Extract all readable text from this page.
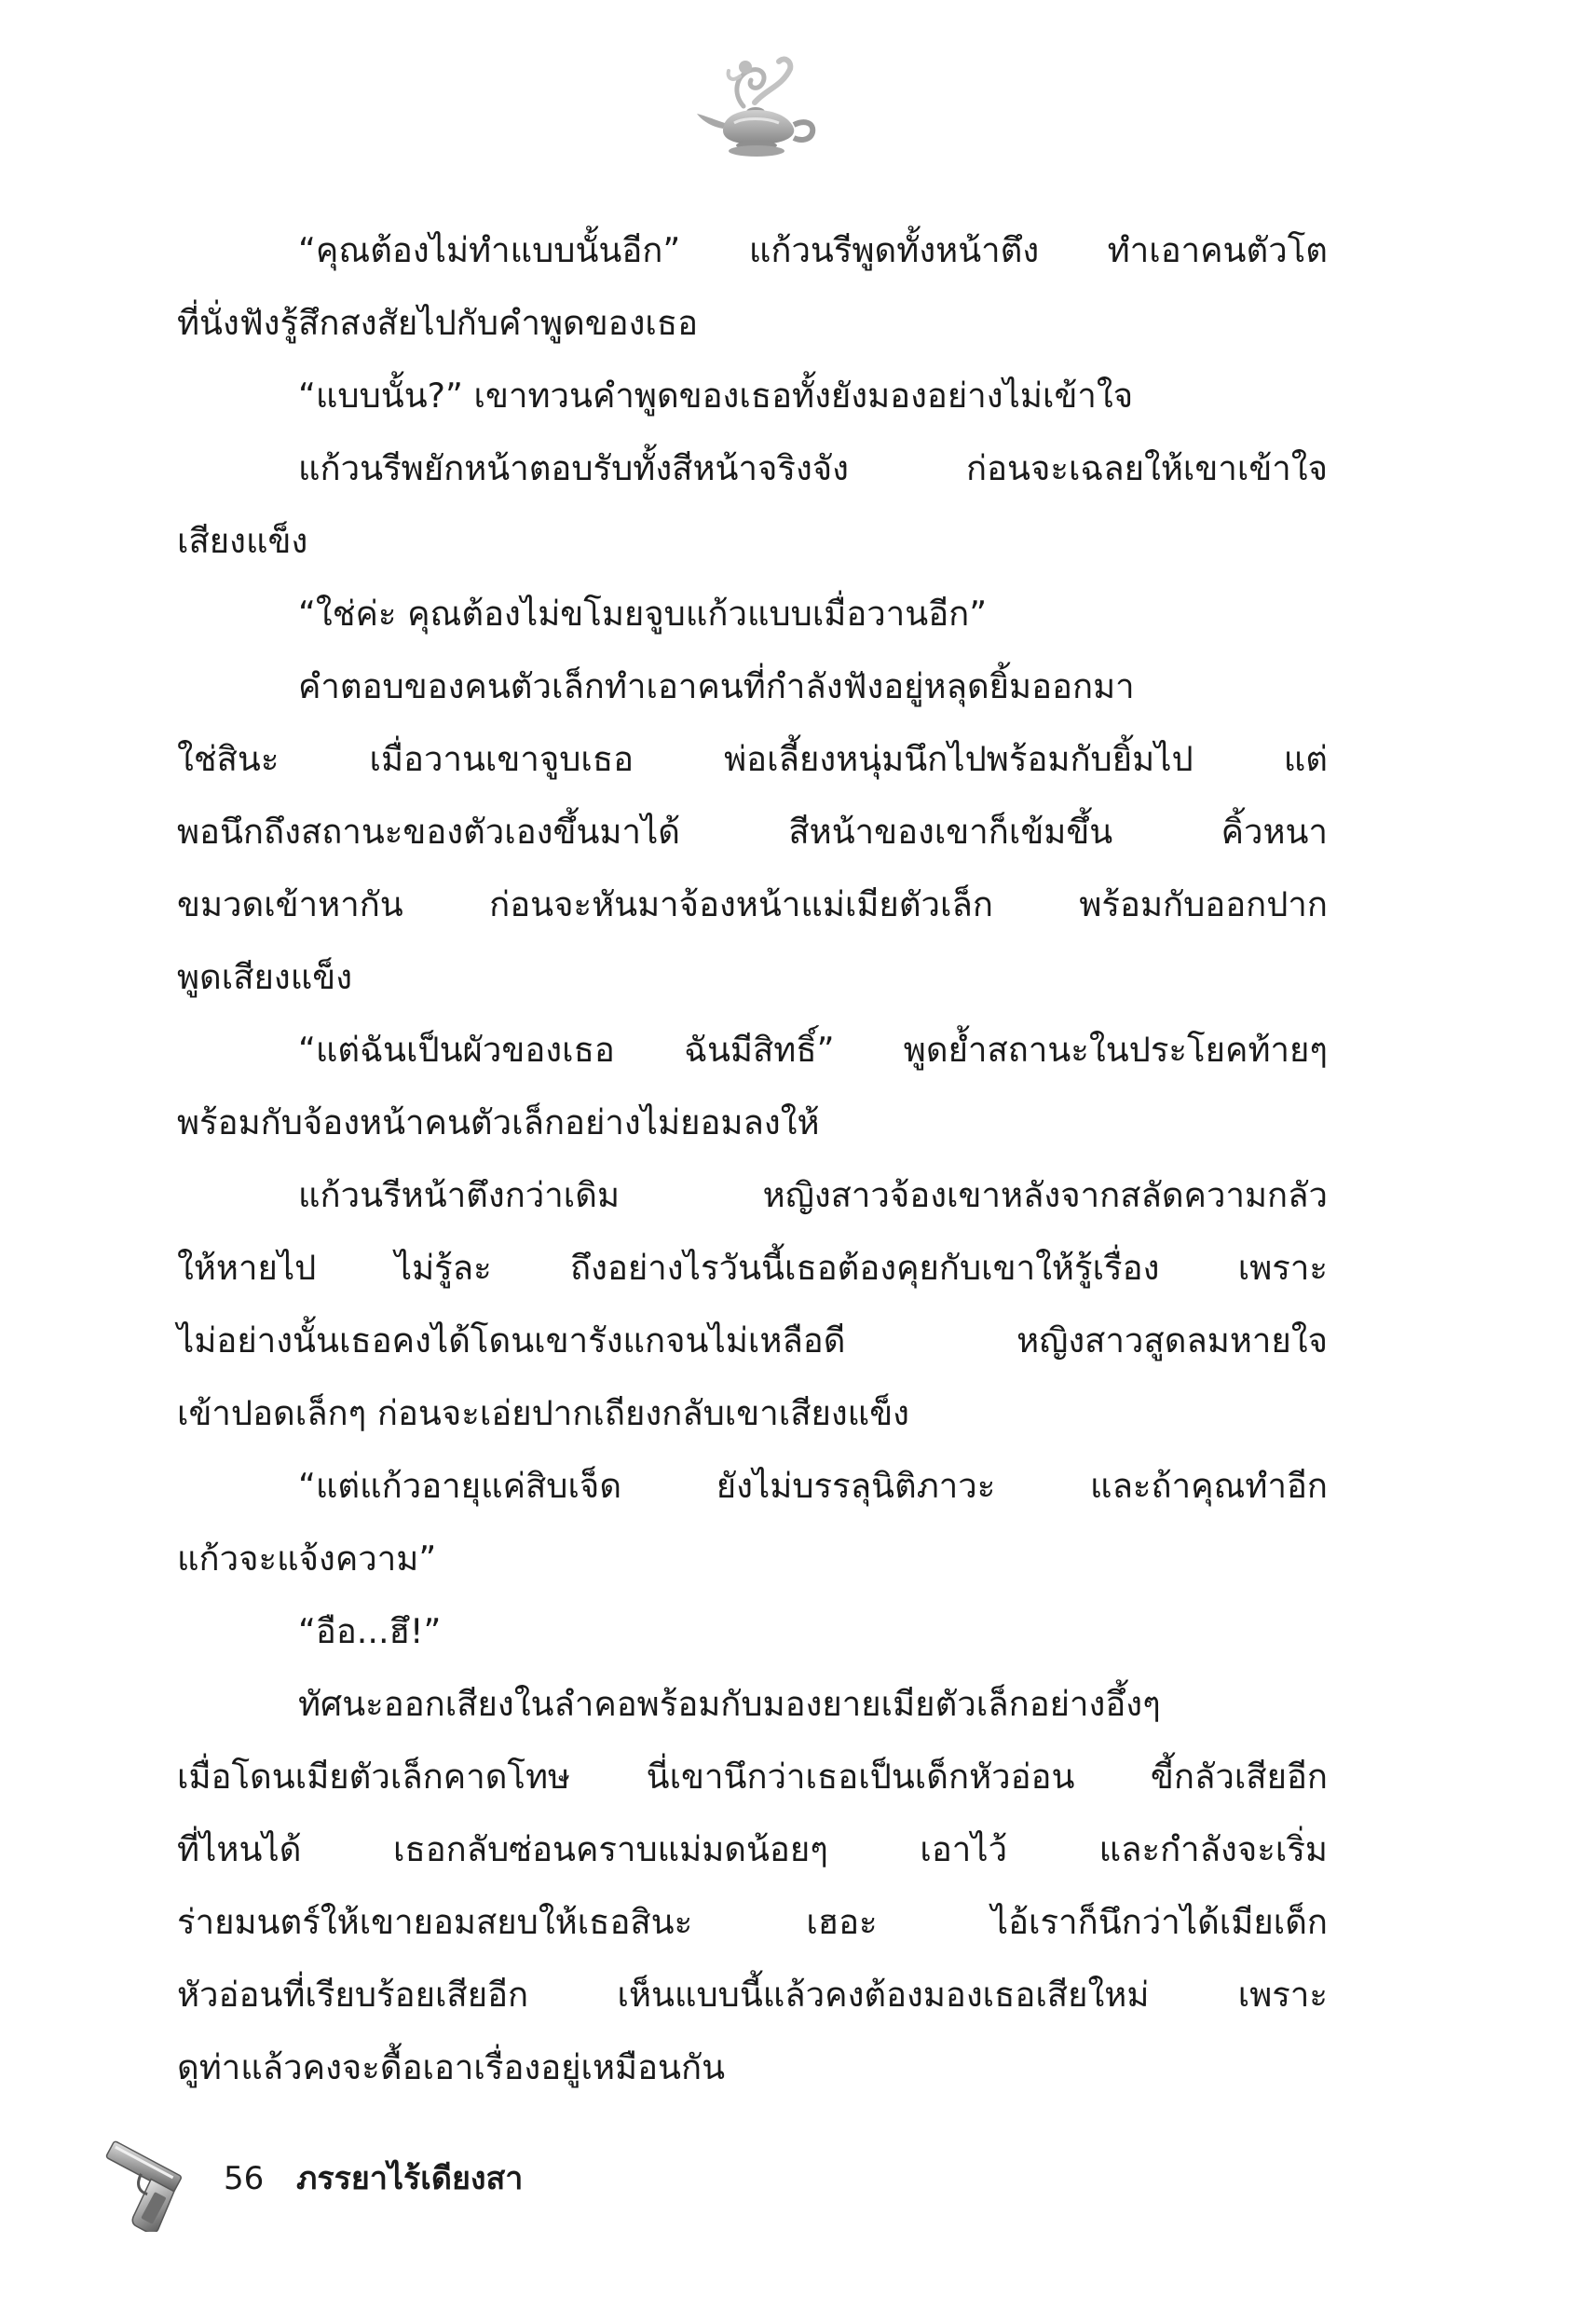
“คุณต้องไม่ทำแบบนั้นอีก” แก้วนรีพูดทั้งหน้าตึง ทำเอาคนตัวโต
ที่นั่งฟังรู้สึกสงสัยไปกับคำพูดของเธอ
“แบบนั้น?” เขาทวนคำพูดของเธอทั้งยังมองอย่างไม่เข้าใจ
แก้วนรีพยักหน้าตอบรับทั้งสีหน้าจริงจัง ก่อนจะเฉลยให้เขาเข้าใจ
เสียงแข็ง
“ใช่ค่ะ คุณต้องไม่ขโมยจูบแก้วแบบเมื่อวานอีก”
คำตอบของคนตัวเล็กทำเอาคนที่กำลังฟังอยู่หลุดยิ้มออกมา
ใช่สินะ เมื่อวานเขาจูบเธอ พ่อเลี้ยงหนุ่มนึกไปพร้อมกับยิ้มไป แต่
พอนึกถึงสถานะของตัวเองขึ้นมาได้ สีหน้าของเขาก็เข้มขึ้น คิ้วหนา
ขมวดเข้าหากัน ก่อนจะหันมาจ้องหน้าแม่เมียตัวเล็ก พร้อมกับออกปาก
พูดเสียงแข็ง
“แต่ฉันเป็นผัวของเธอ ฉันมีสิทธิ์” พูดย้ำสถานะในประโยคท้ายๆ
พร้อมกับจ้องหน้าคนตัวเล็กอย่างไม่ยอมลงให้
แก้วนรีหน้าตึงกว่าเดิม หญิงสาวจ้องเขาหลังจากสลัดความกลัว
ให้หายไป ไม่รู้ละ ถึงอย่างไรวันนี้เธอต้องคุยกับเขาให้รู้เรื่อง เพราะ
ไม่อย่างนั้นเธอคงได้โดนเขารังแกจนไม่เหลือดี หญิงสาวสูดลมหายใจ
เข้าปอดเล็กๆ ก่อนจะเอ่ยปากเถียงกลับเขาเสียงแข็ง
“แต่แก้วอายุแค่สิบเจ็ด ยังไม่บรรลุนิติภาวะ และถ้าคุณทำอีก
แก้วจะแจ้งความ”
“อือ...ฮึ!”
ทัศนะออกเสียงในลำคอพร้อมกับมองยายเมียตัวเล็กอย่างอึ้งๆ
เมื่อโดนเมียตัวเล็กคาดโทษ นี่เขานึกว่าเธอเป็นเด็กหัวอ่อน ขี้กลัวเสียอีก
ที่ไหนได้ เธอกลับซ่อนคราบแม่มดน้อยๆ เอาไว้ และกำลังจะเริ่ม
ร่ายมนตร์ให้เขายอมสยบให้เธอสินะ เฮอะ ไอ้เราก็นึกว่าได้เมียเด็ก
หัวอ่อนที่เรียบร้อยเสียอีก เห็นแบบนี้แล้วคงต้องมองเธอเสียใหม่ เพราะ
ดูท่าแล้วคงจะดื้อเอาเรื่องอยู่เหมือนกัน
56 ภรรยาไร้เดียงสา
